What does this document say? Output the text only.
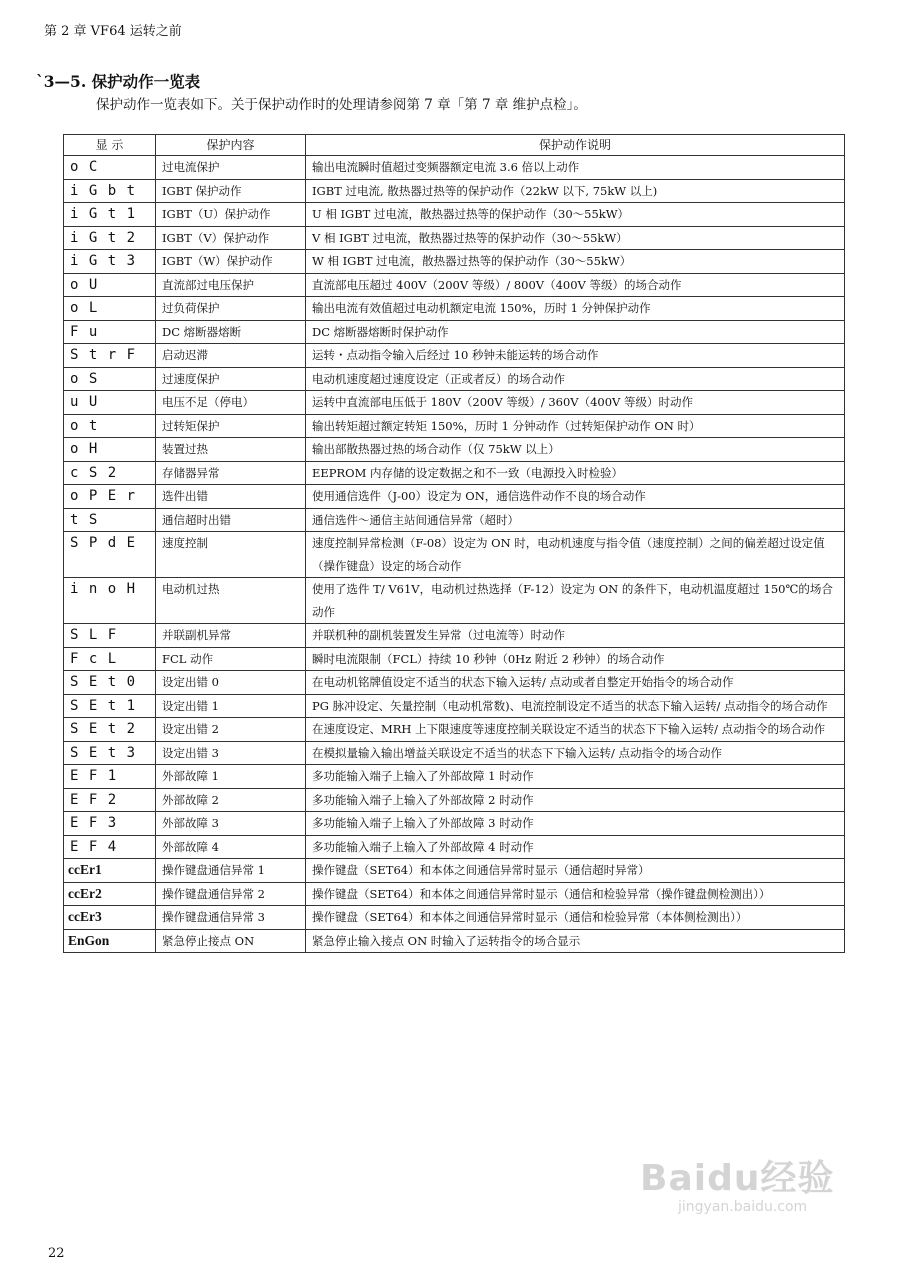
第 2 章 VF64 运转之前
`3—5. 保护动作一览表
保护动作一览表如下。关于保护动作时的处理请参阅第 7 章「第 7 章 维护点检」。
显 示	保护内容	保护动作说明
o C	过电流保护	输出电流瞬时值超过变频器额定电流 3.6 倍以上动作
i G b t	IGBT 保护动作	IGBT 过电流, 散热器过热等的保护动作（22kW 以下, 75kW 以上)
i G t 1	IGBT（U）保护动作	U 相 IGBT 过电流，散热器过热等的保护动作（30～55kW）
i G t 2	IGBT（V）保护动作	V 相 IGBT 过电流，散热器过热等的保护动作（30～55kW）
i G t 3	IGBT（W）保护动作	W 相 IGBT 过电流，散热器过热等的保护动作（30～55kW）
o U	直流部过电压保护	直流部电压超过 400V（200V 等级）/ 800V（400V 等级）的场合动作
o L	过负荷保护	输出电流有效值超过电动机额定电流 150%，历时 1 分钟保护动作
F u	DC 熔断器熔断	DC 熔断器熔断时保护动作
S t r F	启动迟滞	运转・点动指令输入后经过 10 秒钟未能运转的场合动作
o S	过速度保护	电动机速度超过速度设定（正或者反）的场合动作
u U	电压不足（停电）	运转中直流部电压低于 180V（200V 等级）/ 360V（400V 等级）时动作
o t	过转矩保护	输出转矩超过额定转矩 150%，历时 1 分钟动作（过转矩保护动作 ON 时）
o H	装置过热	输出部散热器过热的场合动作（仅 75kW 以上）
c S 2	存储器异常	EEPROM 内存储的设定数据之和不一致（电源投入时检验）
o P E r	选件出错	使用通信选件（J-00）设定为 ON，通信选件动作不良的场合动作
t S	通信超时出错	通信选件～通信主站间通信异常（超时）
S P d E	速度控制	速度控制异常检测（F-08）设定为 ON 时，电动机速度与指令值（速度控制）之间的偏差超过设定值（操作键盘）设定的场合动作
i n o H	电动机过热	使用了选件 T/ V61V，电动机过热选择（F-12）设定为 ON 的条件下，电动机温度超过 150℃的场合动作
S L F	并联副机异常	并联机种的副机装置发生异常（过电流等）时动作
F c L	FCL 动作	瞬时电流限制（FCL）持续 10 秒钟（0Hz 附近 2 秒钟）的场合动作
S E t 0	设定出错 0	在电动机铭牌值设定不适当的状态下输入运转/ 点动或者自整定开始指令的场合动作
S E t 1	设定出错 1	PG 脉冲设定、矢量控制（电动机常数)、电流控制设定不适当的状态下输入运转/ 点动指令的场合动作
S E t 2	设定出错 2	在速度设定、MRH 上下限速度等速度控制关联设定不适当的状态下下输入运转/ 点动指令的场合动作
S E t 3	设定出错 3	在模拟量输入输出增益关联设定不适当的状态下下输入运转/ 点动指令的场合动作
E F 1	外部故障 1	多功能输入端子上输入了外部故障 1 时动作
E F 2	外部故障 2	多功能输入端子上输入了外部故障 2 时动作
E F 3	外部故障 3	多功能输入端子上输入了外部故障 3 时动作
E F 4	外部故障 4	多功能输入端子上输入了外部故障 4 时动作
ccEr1	操作键盘通信异常 1	操作键盘（SET64）和本体之间通信异常时显示（通信超时异常）
ccEr2	操作键盘通信异常 2	操作键盘（SET64）和本体之间通信异常时显示（通信和检验异常（操作键盘侧检测出））
ccEr3	操作键盘通信异常 3	操作键盘（SET64）和本体之间通信异常时显示（通信和检验异常（本体侧检测出））
EnGon	紧急停止接点 ON	紧急停止输入接点 ON 时输入了运转指令的场合显示
22
Baidu经验
jingyan.baidu.com
